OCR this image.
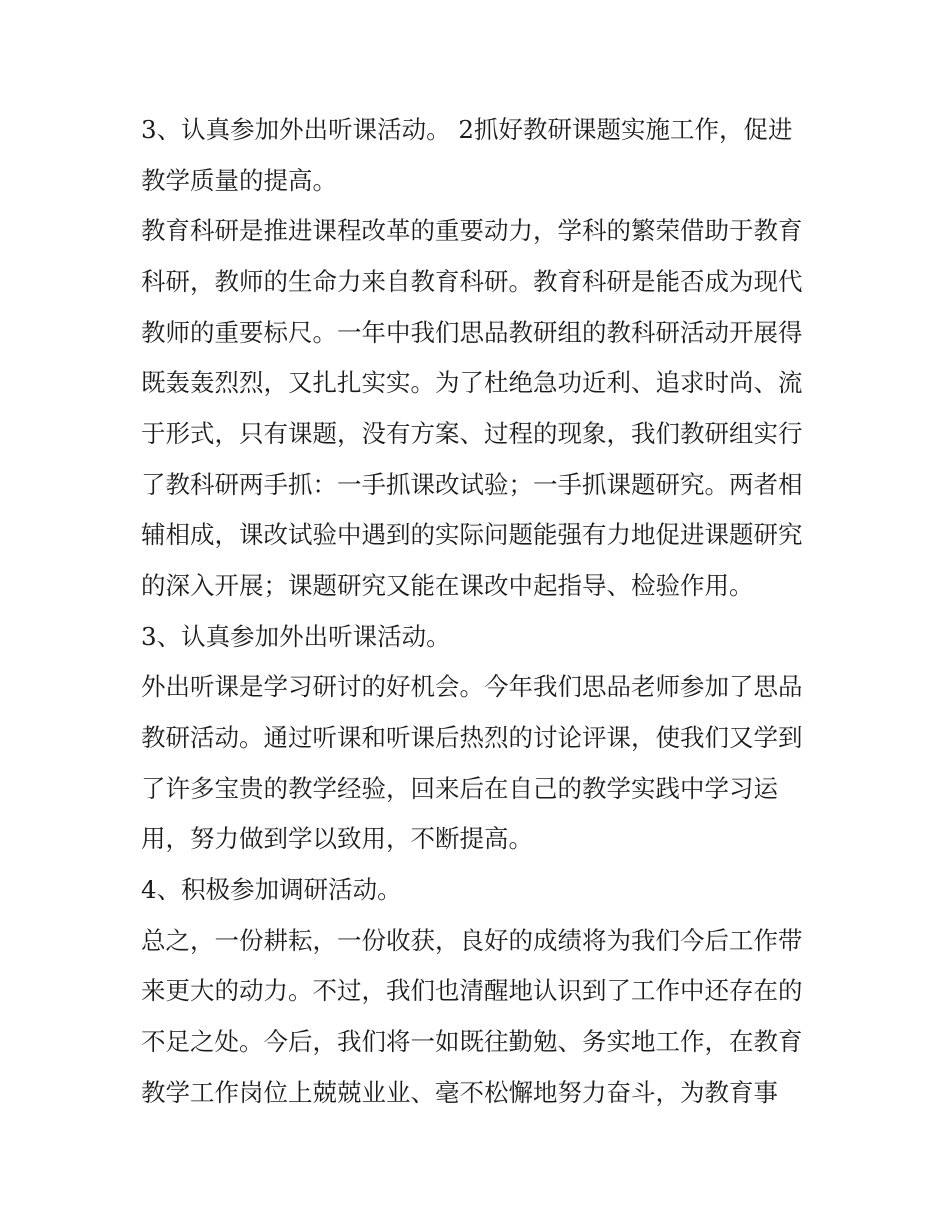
3、认真参加外出听课活动。 2抓好教研课题实施工作，促进
教学质量的提高。
教育科研是推进课程改革的重要动力，学科的繁荣借助于教育
科研，教师的生命力来自教育科研。教育科研是能否成为现代
教师的重要标尺。一年中我们思品教研组的教科研活动开展得
既轰轰烈烈，又扎扎实实。为了杜绝急功近利、追求时尚、流
于形式，只有课题，没有方案、过程的现象，我们教研组实行
了教科研两手抓：一手抓课改试验；一手抓课题研究。两者相
辅相成，课改试验中遇到的实际问题能强有力地促进课题研究
的深入开展；课题研究又能在课改中起指导、检验作用。
3、认真参加外出听课活动。
外出听课是学习研讨的好机会。今年我们思品老师参加了思品
教研活动。通过听课和听课后热烈的讨论评课，使我们又学到
了许多宝贵的教学经验，回来后在自己的教学实践中学习运
用，努力做到学以致用，不断提高。
4、积极参加调研活动。
总之，一份耕耘，一份收获，良好的成绩将为我们今后工作带
来更大的动力。不过，我们也清醒地认识到了工作中还存在的
不足之处。今后，我们将一如既往勤勉、务实地工作，在教育
教学工作岗位上兢兢业业、毫不松懈地努力奋斗，为教育事
